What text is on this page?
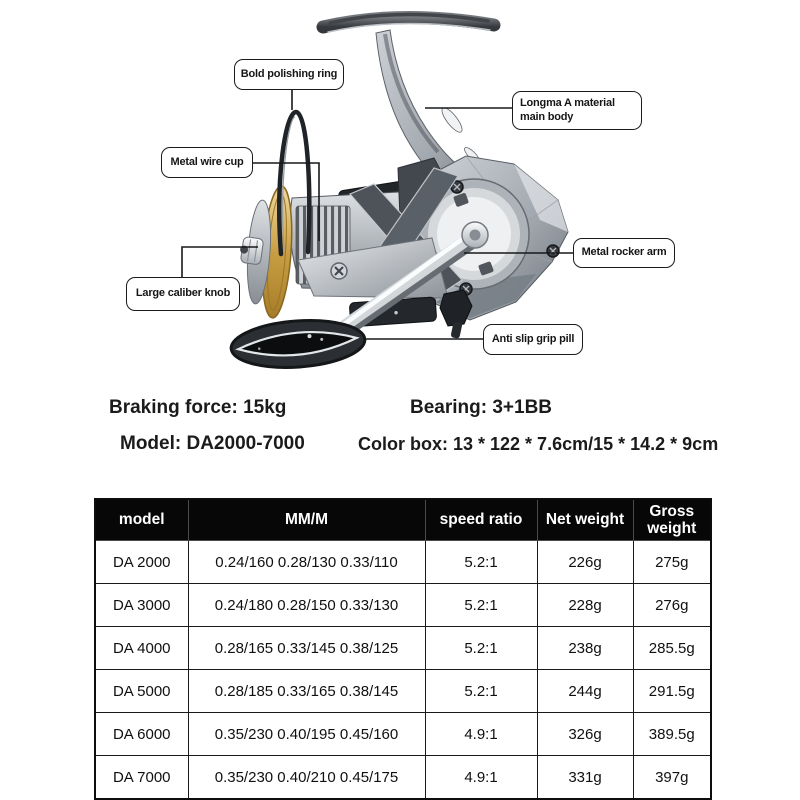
Bold polishing ring
Longma A material main body
Metal wire cup
Metal rocker arm
Large caliber knob
Anti slip grip pill
Braking force: 15kg	Bearing: 3+1BB
Model: DA2000-7000	Color box: 13 * 122 * 7.6cm/15 * 14.2 * 9cm
model	MM/M	speed ratio	Net weight	Gross weight
DA 2000	0.24/160 0.28/130 0.33/110	5.2:1	226g	275g
DA 3000	0.24/180 0.28/150 0.33/130	5.2:1	228g	276g
DA 4000	0.28/165 0.33/145 0.38/125	5.2:1	238g	285.5g
DA 5000	0.28/185 0.33/165 0.38/145	5.2:1	244g	291.5g
DA 6000	0.35/230 0.40/195 0.45/160	4.9:1	326g	389.5g
DA 7000	0.35/230 0.40/210 0.45/175	4.9:1	331g	397g
